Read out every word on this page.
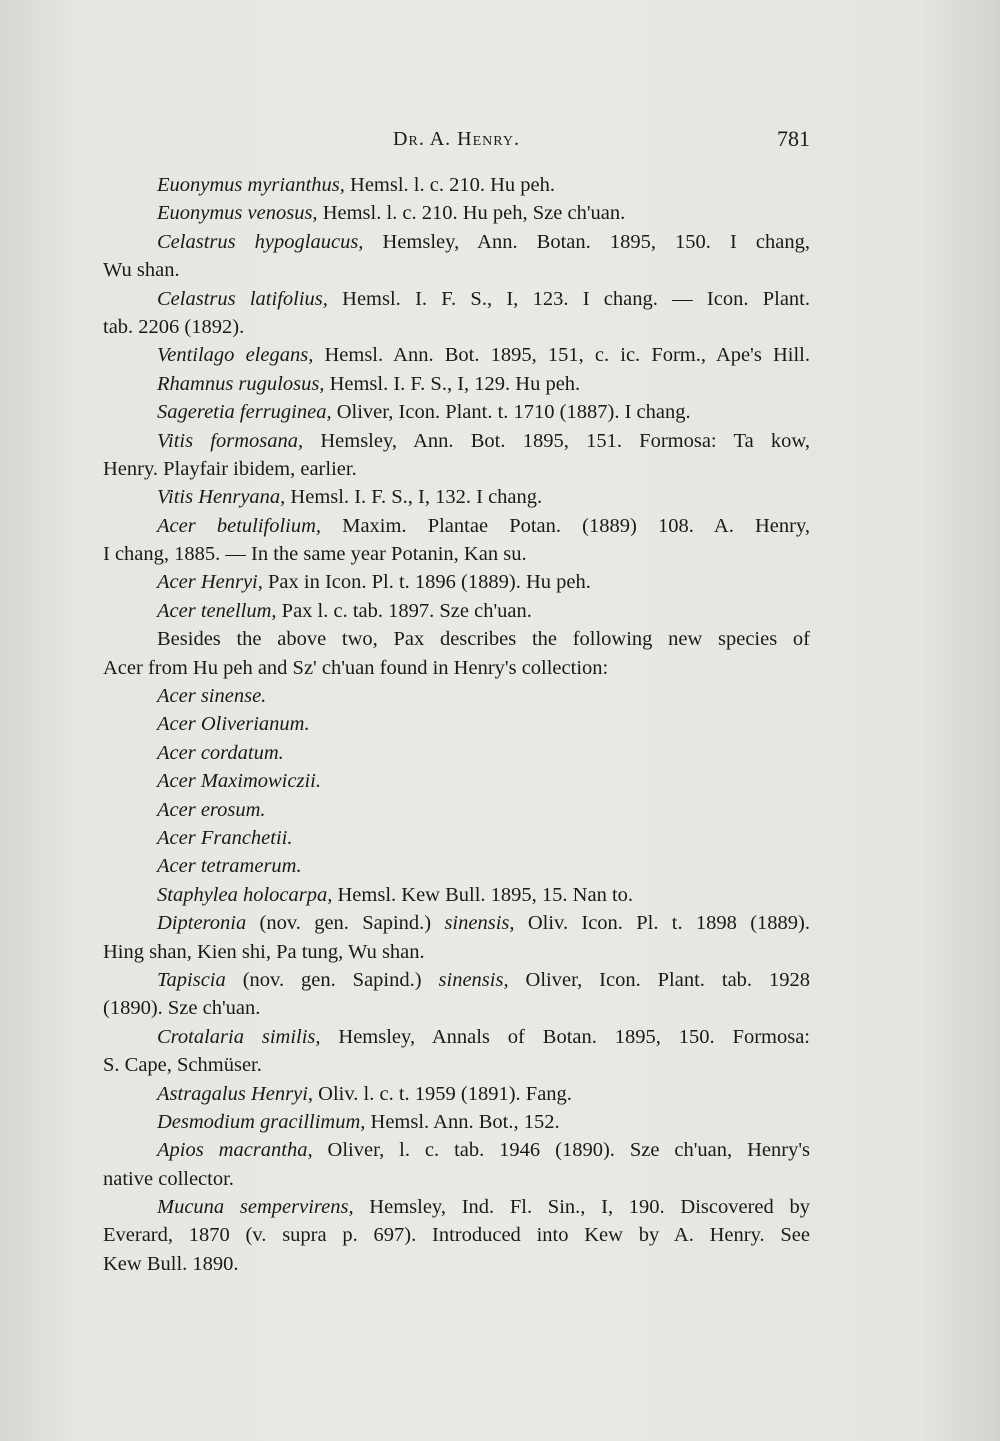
Dr. A. Henry.	781
Euonymus myrianthus, Hemsl. l. c. 210. Hu peh.
Euonymus venosus, Hemsl. l. c. 210. Hu peh, Sze ch'uan.
Celastrus hypoglaucus, Hemsley, Ann. Botan. 1895, 150. I chang,
Wu shan.
Celastrus latifolius, Hemsl. I. F. S., I, 123. I chang. — Icon. Plant.
tab. 2206 (1892).
Ventilago elegans, Hemsl. Ann. Bot. 1895, 151, c. ic. Form., Ape's Hill.
Rhamnus rugulosus, Hemsl. I. F. S., I, 129. Hu peh.
Sageretia ferruginea, Oliver, Icon. Plant. t. 1710 (1887). I chang.
Vitis formosana, Hemsley, Ann. Bot. 1895, 151. Formosa: Ta kow,
Henry. Playfair ibidem, earlier.
Vitis Henryana, Hemsl. I. F. S., I, 132. I chang.
Acer betulifolium, Maxim. Plantae Potan. (1889) 108. A. Henry,
I chang, 1885. — In the same year Potanin, Kan su.
Acer Henryi, Pax in Icon. Pl. t. 1896 (1889). Hu peh.
Acer tenellum, Pax l. c. tab. 1897. Sze ch'uan.
Besides the above two, Pax describes the following new species of
Acer from Hu peh and Sz' ch'uan found in Henry's collection:
Acer sinense.
Acer Oliverianum.
Acer cordatum.
Acer Maximowiczii.
Acer erosum.
Acer Franchetii.
Acer tetramerum.
Staphylea holocarpa, Hemsl. Kew Bull. 1895, 15. Nan to.
Dipteronia (nov. gen. Sapind.) sinensis, Oliv. Icon. Pl. t. 1898 (1889).
Hing shan, Kien shi, Pa tung, Wu shan.
Tapiscia (nov. gen. Sapind.) sinensis, Oliver, Icon. Plant. tab. 1928
(1890). Sze ch'uan.
Crotalaria similis, Hemsley, Annals of Botan. 1895, 150. Formosa:
S. Cape, Schmüser.
Astragalus Henryi, Oliv. l. c. t. 1959 (1891). Fang.
Desmodium gracillimum, Hemsl. Ann. Bot., 152.
Apios macrantha, Oliver, l. c. tab. 1946 (1890). Sze ch'uan, Henry's
native collector.
Mucuna sempervirens, Hemsley, Ind. Fl. Sin., I, 190. Discovered by
Everard, 1870 (v. supra p. 697). Introduced into Kew by A. Henry. See
Kew Bull. 1890.
